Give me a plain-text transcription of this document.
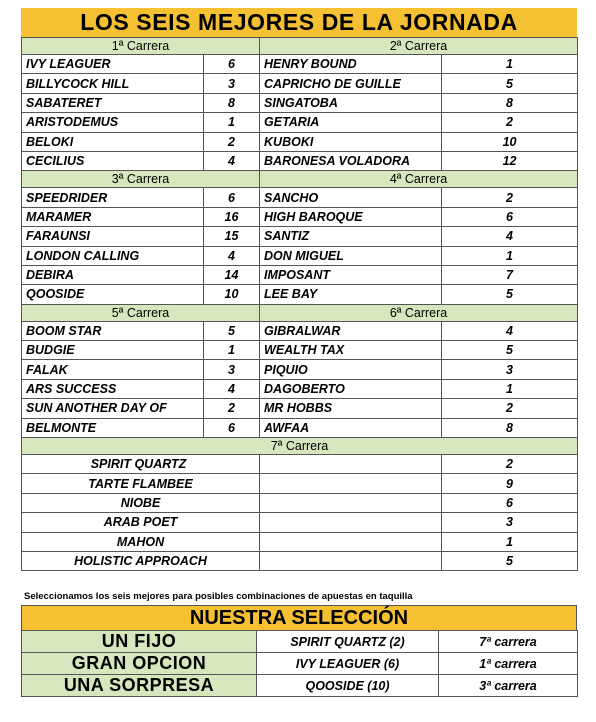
LOS SEIS MEJORES DE LA JORNADA
1ª Carrera		2ª Carrera	
IVY LEAGUER	6	HENRY BOUND	1
BILLYCOCK HILL	3	CAPRICHO DE GUILLE	5
SABATERET	8	SINGATOBA	8
ARISTODEMUS	1	GETARIA	2
BELOKI	2	KUBOKI	10
CECILIUS	4	BARONESA VOLADORA	12
3ª Carrera		4ª Carrera	
SPEEDRIDER	6	SANCHO	2
MARAMER	16	HIGH BAROQUE	6
FARAUNSI	15	SANTIZ	4
LONDON CALLING	4	DON MIGUEL	1
DEBIRA	14	IMPOSANT	7
QOOSIDE	10	LEE BAY	5
5ª Carrera		6ª Carrera	
BOOM STAR	5	GIBRALWAR	4
BUDGIE	1	WEALTH TAX	5
FALAK	3	PIQUIO	3
ARS SUCCESS	4	DAGOBERTO	1
SUN ANOTHER DAY OF	2	MR HOBBS	2
BELMONTE	6	AWFAA	8
7ª Carrera			
SPIRIT QUARTZ			2
TARTE FLAMBEE			9
NIOBE			6
ARAB POET			3
MAHON			1
HOLISTIC APPROACH			5
Seleccionamos los seis mejores para posibles combinaciones de apuestas en taquilla
NUESTRA SELECCIÓN
UN FIJO	SPIRIT QUARTZ (2)	7ª carrera
GRAN OPCION	IVY LEAGUER (6)	1ª carrera
UNA SORPRESA	QOOSIDE (10)	3ª carrera
